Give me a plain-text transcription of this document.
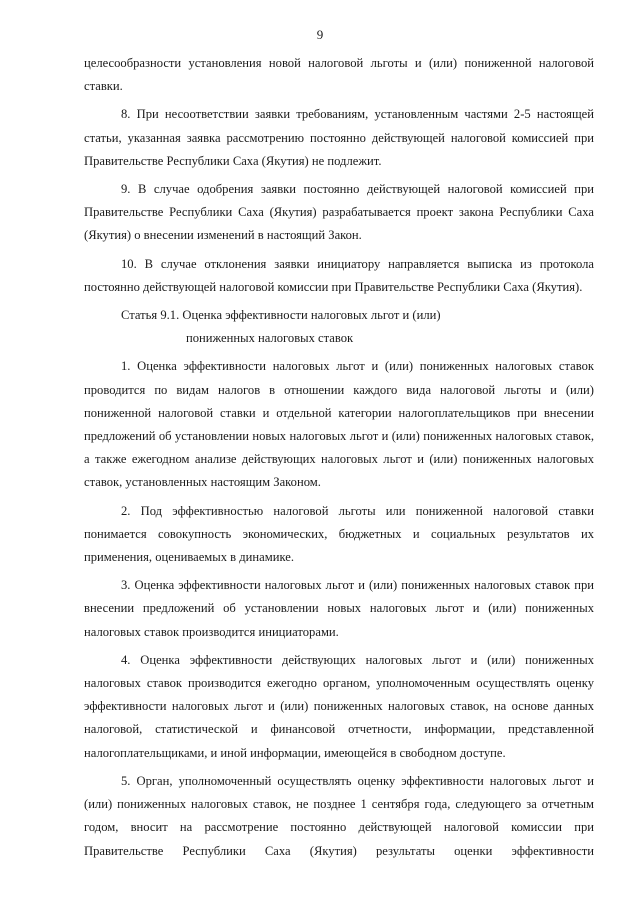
9

целесообразности установления новой налоговой льготы и (или) пониженной налоговой ставки.

8. При несоответствии заявки требованиям, установленным частями 2-5 настоящей статьи, указанная заявка рассмотрению постоянно действующей налоговой комиссией при Правительстве Республики Саха (Якутия) не подлежит.

9. В случае одобрения заявки постоянно действующей налоговой комиссией при Правительстве Республики Саха (Якутия) разрабатывается проект закона Республики Саха (Якутия) о внесении изменений в настоящий Закон.

10. В случае отклонения заявки инициатору направляется выписка из протокола постоянно действующей налоговой комиссии при Правительстве Республики Саха (Якутия).

Статья 9.1. Оценка эффективности налоговых льгот и (или)

пониженных налоговых ставок

1. Оценка эффективности налоговых льгот и (или) пониженных налоговых ставок проводится по видам налогов в отношении каждого вида налоговой льготы и (или) пониженной налоговой ставки и отдельной категории налогоплательщиков при внесении предложений об установлении новых налоговых льгот и (или) пониженных налоговых ставок, а также ежегодном анализе действующих налоговых льгот и (или) пониженных налоговых ставок, установленных настоящим Законом.

2. Под эффективностью налоговой льготы или пониженной налоговой ставки понимается совокупность экономических, бюджетных и социальных результатов их применения, оцениваемых в динамике.

3. Оценка эффективности налоговых льгот и (или) пониженных налоговых ставок при внесении предложений об установлении новых налоговых льгот и (или) пониженных налоговых ставок производится инициаторами.

4. Оценка эффективности действующих налоговых льгот и (или) пониженных налоговых ставок производится ежегодно органом, уполномоченным осуществлять оценку эффективности налоговых льгот и (или) пониженных налоговых ставок, на основе данных налоговой, статистической и финансовой отчетности, информации, представленной налогоплательщиками, и иной информации, имеющейся в свободном доступе.

5. Орган, уполномоченный осуществлять оценку эффективности налоговых льгот и (или) пониженных налоговых ставок, не позднее 1 сентября года, следующего за отчетным годом, вносит на рассмотрение постоянно действующей налоговой комиссии при Правительстве Республики Саха (Якутия) результаты оценки эффективности
